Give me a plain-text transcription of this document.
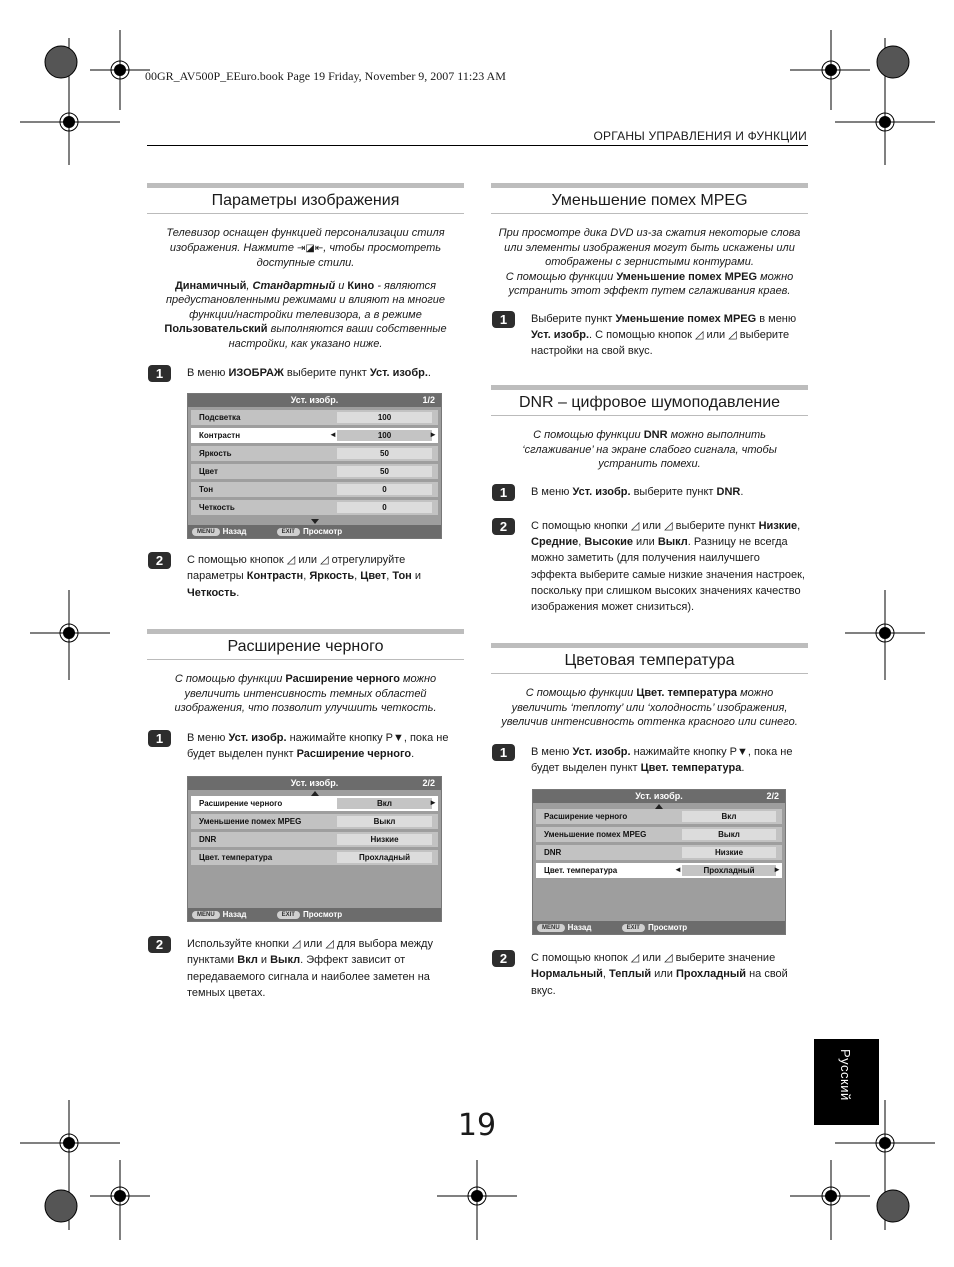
00GR_AV500P_EEuro.book Page 19 Friday, November 9, 2007 11:23 AM
ОРГАНЫ УПРАВЛЕНИЯ И ФУНКЦИИ
Параметры изображения
Телевизор оснащен функцией персонализации стиля изображения. Нажмите ⇥◪⇤, чтобы просмотреть доступные стили.
Динамичный, Стандартный и Кино - являются предустановленными режимами и влияют на многие функции/настройки телевизора, а в режиме Пользовательский выполняются ваши собственные настройки, как указано ниже.
1	В меню ИЗОБРАЖ выберите пункт Уст. изобр..
Уст. изобр.	1/2
Подсветка	100
Контрастн	◄	100	►
Яркость	50
Цвет	50
Тон	0
Четкость	0
MENU Назад	EXIT Просмотр
2	С помощью кнопок ◿ или ◿ отрегулируйте параметры Контрастн, Яркость, Цвет, Тон и Четкость.
Расширение черного
С помощью функции Расширение черного можно увеличить интенсивность темных областей изображения, что позволит улучшить четкость.
1	В меню Уст. изобр. нажимайте кнопку P▼, пока не будет выделен пункт Расширение черного.
Уст. изобр.	2/2
Расширение черного	Вкл	►
Уменьшение помех MPEG	Выкл
DNR	Низкие
Цвет. температура	Прохладный
MENU Назад	EXIT Просмотр
2	Используйте кнопки ◿ или ◿ для выбора между пунктами Вкл и Выкл. Эффект зависит от передаваемого сигнала и наиболее заметен на темных цветах.
Уменьшение помех MPEG
При просмотре дика DVD из-за сжатия некоторые слова или элементы изображения могут быть искажены или отображены с зернистыми контурами.
С помощью функции Уменьшение помех MPEG можно устранить этот эффект путем сглаживания краев.
1	Выберите пункт Уменьшение помех MPEG в меню Уст. изобр.. С помощью кнопок ◿ или ◿ выберите настройки на свой вкус.
DNR – цифровое шумоподавление
С помощью функции DNR можно выполнить ‘сглаживание’ на экране слабого сигнала, чтобы устранить помехи.
1	В меню Уст. изобр. выберите пункт DNR.
2	С помощью кнопки ◿ или ◿ выберите пункт Низкие, Средние, Высокие или Выкл. Разницу не всегда можно заметить (для получения наилучшего эффекта выберите самые низкие значения настроек, поскольку при слишком высоких значениях качество изображения может снизиться).
Цветовая температура
С помощью функции Цвет. температура можно увеличить ‘теплоту’ или ‘холодность’ изображения, увеличив интенсивность оттенка красного или синего.
1	В меню Уст. изобр. нажимайте кнопку P▼, пока не будет выделен пункт Цвет. температура.
Уст. изобр.	2/2
Расширение черного	Вкл
Уменьшение помех MPEG	Выкл
DNR	Низкие
Цвет. температура	◄	Прохладный	►
MENU Назад	EXIT Просмотр
2	С помощью кнопок ◿ или ◿ выберите значение Нормальный, Теплый или Прохладный на свой вкус.
Русский
19
